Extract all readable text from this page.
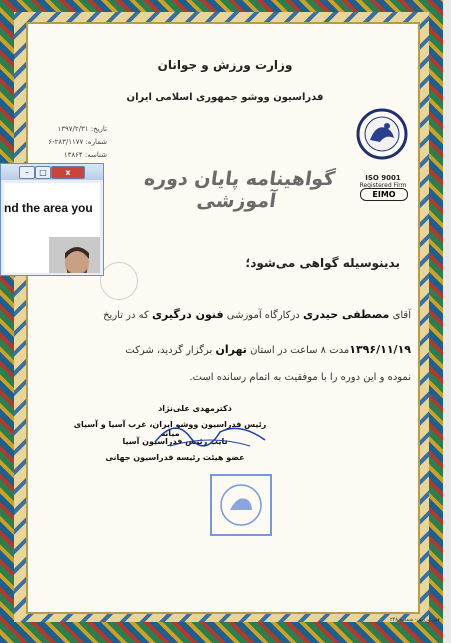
وزارت ورزش و جوانان
فدراسیون ووشو جمهوری اسلامی ایران
تاریخ: ۱۳۹۷/۲/۳۱
شماره: ۲۸۳/۱۱۷۷-۶
شناسه: ۱۳۸۶۴
ISO 9001
Registered Firm
EIMO
گواهینامه پایان دوره آموزشی
بدینوسیله گواهی می‌شود؛
آقای مصطفی حیدری درکارگاه آموزشی فنون درگیری که در تاریخ
۱۳۹۶/۱۱/۱۹مدت ۸ ساعت در استان تهران برگزار گردید، شرکت
نموده و این دوره را با موفقیت به اتمام رسانده است.
دکترمهدی علی‌نژاد
رئیس فدراسیون ووشو ایران، غرب آسیا و آسیای میانه
نایب رئیس فدراسیون آسیا
عضو هیئت رئیسه فدراسیون جهانی
فنی ورزش- شماره ۲۴۸
–	□	x
nd the area you
